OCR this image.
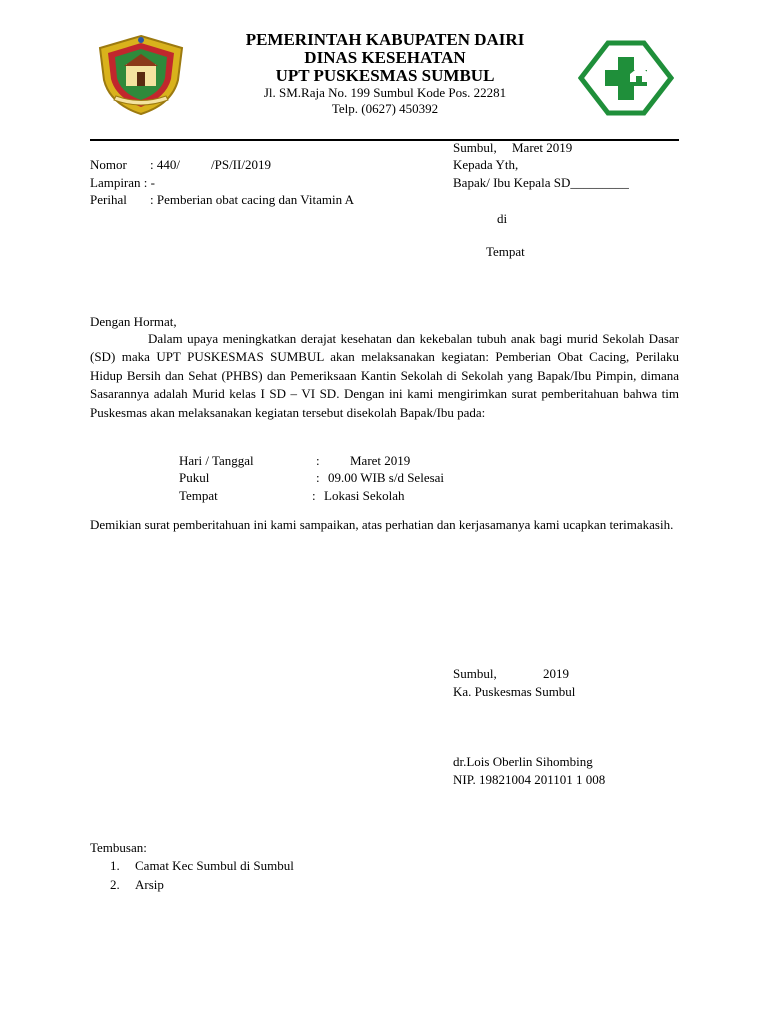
PEMERINTAH KABUPATEN DAIRI
DINAS KESEHATAN
UPT PUSKESMAS SUMBUL
Jl. SM.Raja No. 199 Sumbul Kode Pos. 22281
Telp. (0627) 450392
Sumbul, Maret 2019
Kepada Yth,
Bapak/ Ibu Kepala SD_________
di
Tempat
Nomor : 440/ /PS/II/2019
Lampiran : -
Perihal : Pemberian obat cacing dan Vitamin A
Dengan Hormat,
Dalam upaya meningkatkan derajat kesehatan dan kekebalan tubuh anak bagi murid Sekolah Dasar (SD) maka UPT PUSKESMAS SUMBUL akan melaksanakan kegiatan: Pemberian Obat Cacing, Perilaku Hidup Bersih dan Sehat (PHBS) dan Pemeriksaan Kantin Sekolah di Sekolah yang Bapak/Ibu Pimpin, dimana Sasarannya adalah Murid kelas I SD – VI SD. Dengan ini kami mengirimkan surat pemberitahuan bahwa tim Puskesmas akan melaksanakan kegiatan tersebut disekolah Bapak/Ibu pada:
Hari / Tanggal	: Maret 2019
Pukul	: 09.00 WIB s/d Selesai
Tempat	: Lokasi Sekolah
Demikian surat pemberitahuan ini kami sampaikan, atas perhatian dan kerjasamanya kami ucapkan terimakasih.
Sumbul,	2019
Ka. Puskesmas Sumbul
dr.Lois Oberlin Sihombing
NIP. 19821004 201101 1 008
Tembusan:
1. Camat Kec Sumbul di Sumbul
2. Arsip
